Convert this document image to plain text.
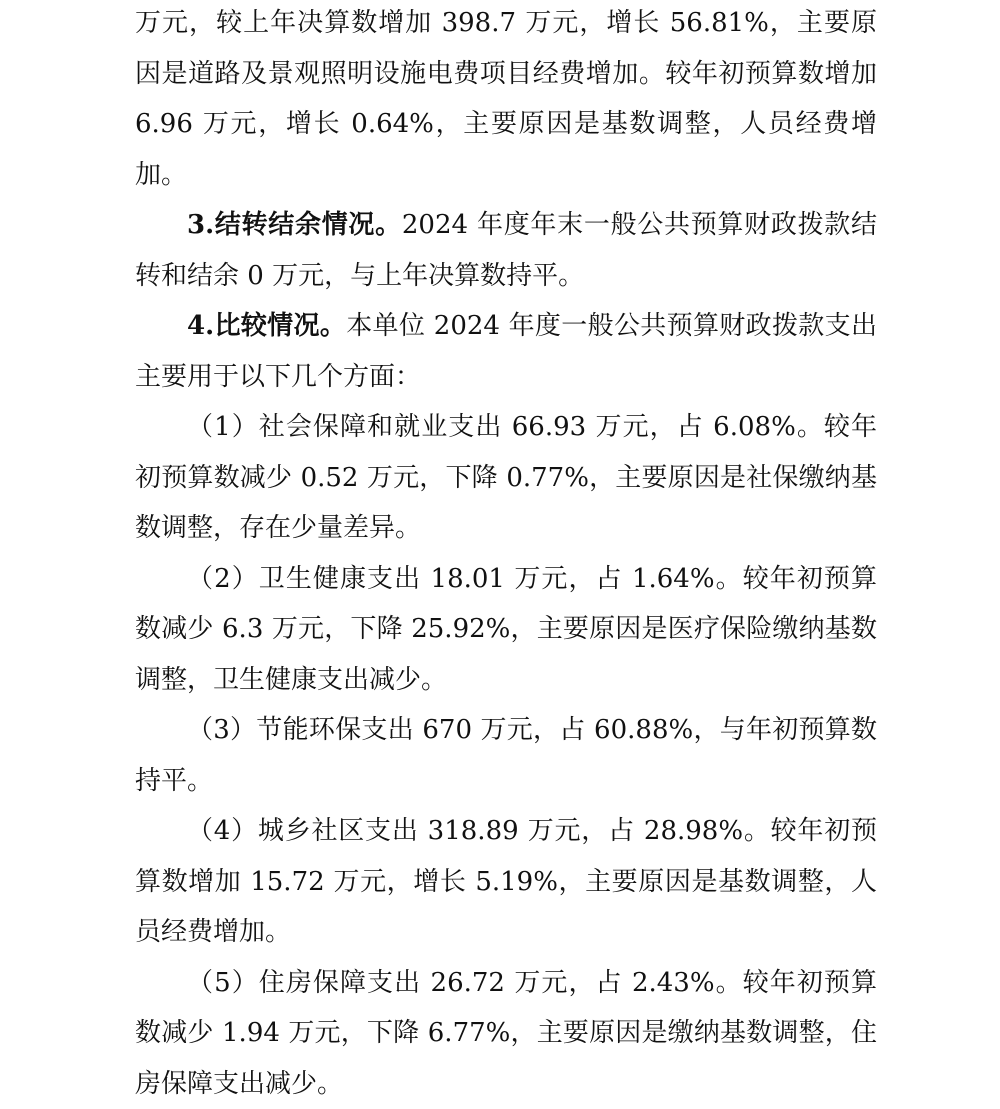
万元，较上年决算数增加 398.7 万元，增长 56.81%，主要原因是道路及景观照明设施电费项目经费增加。较年初预算数增加 6.96 万元，增长 0.64%，主要原因是基数调整，人员经费增加。

3.结转结余情况。2024 年度年末一般公共预算财政拨款结转和结余 0 万元，与上年决算数持平。

4.比较情况。本单位 2024 年度一般公共预算财政拨款支出主要用于以下几个方面：

（1）社会保障和就业支出 66.93 万元，占 6.08%。较年初预算数减少 0.52 万元，下降 0.77%，主要原因是社保缴纳基数调整，存在少量差异。

（2）卫生健康支出 18.01 万元，占 1.64%。较年初预算数减少 6.3 万元，下降 25.92%，主要原因是医疗保险缴纳基数调整，卫生健康支出减少。

（3）节能环保支出 670 万元，占 60.88%，与年初预算数持平。

（4）城乡社区支出 318.89 万元，占 28.98%。较年初预算数增加 15.72 万元，增长 5.19%，主要原因是基数调整，人员经费增加。

（5）住房保障支出 26.72 万元，占 2.43%。较年初预算数减少 1.94 万元，下降 6.77%，主要原因是缴纳基数调整，住房保障支出减少。
